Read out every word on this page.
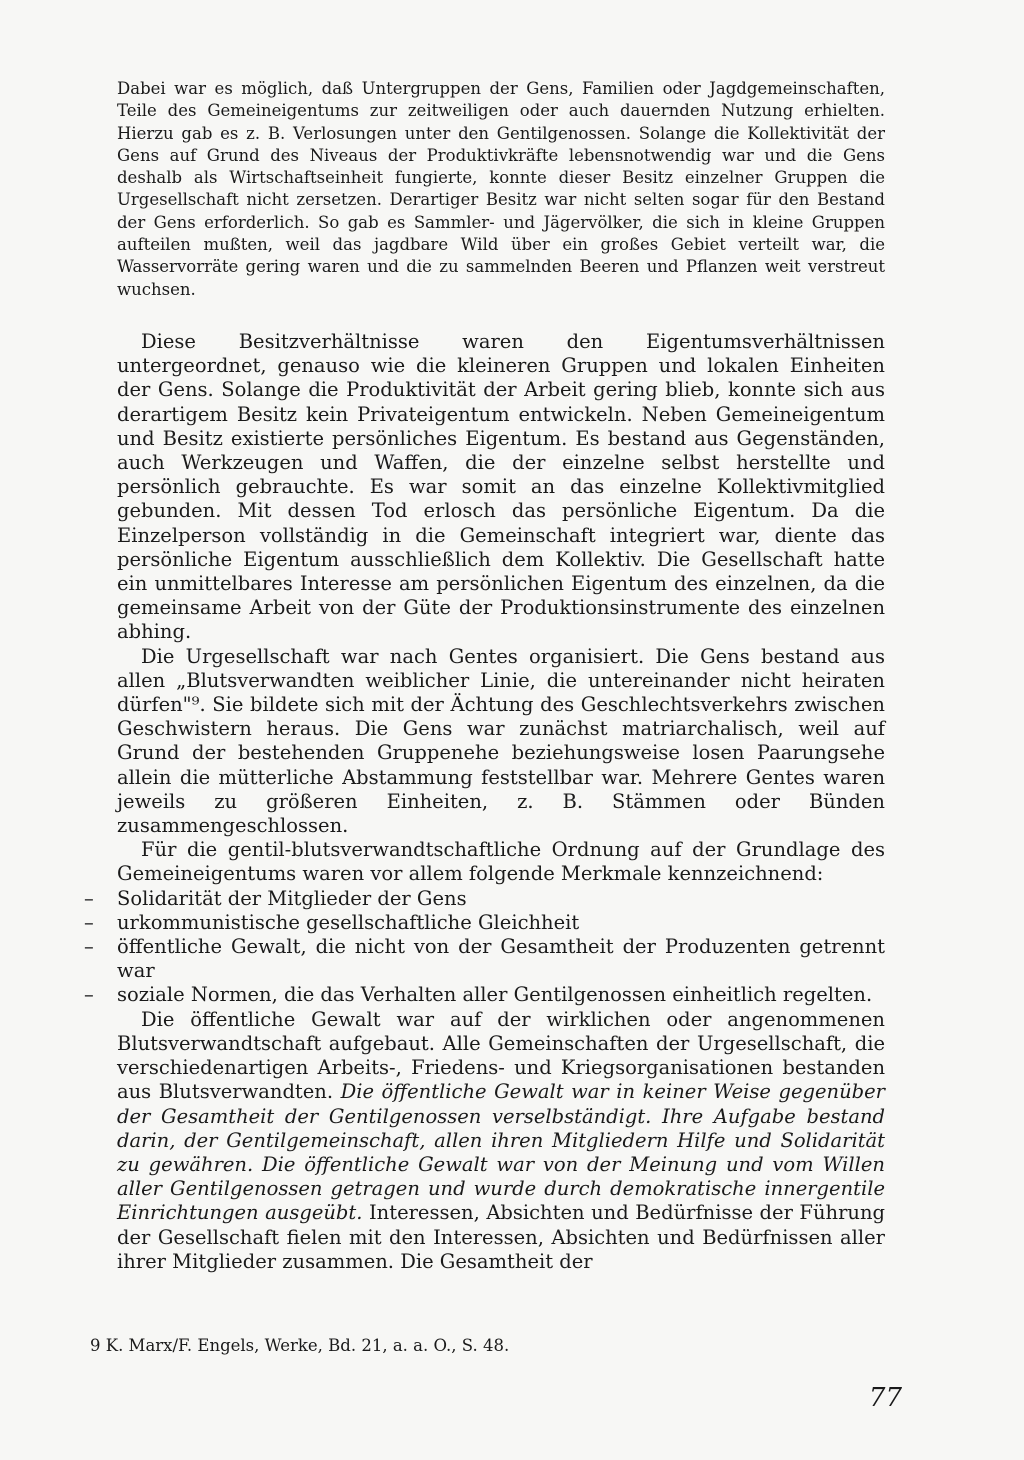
Dabei war es möglich, daß Untergruppen der Gens, Familien oder Jagdgemeinschaften, Teile des Gemeineigentums zur zeitweiligen oder auch dauernden Nutzung erhielten. Hierzu gab es z. B. Verlosungen unter den Gentilgenossen. Solange die Kollektivität der Gens auf Grund des Niveaus der Produktivkräfte lebensnotwendig war und die Gens deshalb als Wirtschaftseinheit fungierte, konnte dieser Besitz einzelner Gruppen die Urgesellschaft nicht zersetzen. Derartiger Besitz war nicht selten sogar für den Bestand der Gens erforderlich. So gab es Sammler- und Jägervölker, die sich in kleine Gruppen aufteilen mußten, weil das jagdbare Wild über ein großes Gebiet verteilt war, die Wasservorräte gering waren und die zu sammelnden Beeren und Pflanzen weit verstreut wuchsen.

Diese Besitzverhältnisse waren den Eigentumsverhältnissen untergeordnet, genauso wie die kleineren Gruppen und lokalen Einheiten der Gens. Solange die Produktivität der Arbeit gering blieb, konnte sich aus derartigem Besitz kein Privateigentum entwickeln. Neben Gemeineigentum und Besitz existierte persönliches Eigentum. Es bestand aus Gegenständen, auch Werkzeugen und Waffen, die der einzelne selbst herstellte und persönlich gebrauchte. Es war somit an das einzelne Kollektivmitglied gebunden. Mit dessen Tod erlosch das persönliche Eigentum. Da die Einzelperson vollständig in die Gemeinschaft integriert war, diente das persönliche Eigentum ausschließlich dem Kollektiv. Die Gesellschaft hatte ein unmittelbares Interesse am persönlichen Eigentum des einzelnen, da die gemeinsame Arbeit von der Güte der Produktionsinstrumente des einzelnen abhing.

Die Urgesellschaft war nach Gentes organisiert. Die Gens bestand aus allen „Blutsverwandten weiblicher Linie, die untereinander nicht heiraten dürfen"⁹. Sie bildete sich mit der Ächtung des Geschlechtsverkehrs zwischen Geschwistern heraus. Die Gens war zunächst matriarchalisch, weil auf Grund der bestehenden Gruppenehe beziehungsweise losen Paarungsehe allein die mütterliche Abstammung feststellbar war. Mehrere Gentes waren jeweils zu größeren Einheiten, z. B. Stämmen oder Bünden zusammengeschlossen.

Für die gentil-blutsverwandtschaftliche Ordnung auf der Grundlage des Gemeineigentums waren vor allem folgende Merkmale kennzeichnend:

– Solidarität der Mitglieder der Gens
– urkommunistische gesellschaftliche Gleichheit
– öffentliche Gewalt, die nicht von der Gesamtheit der Produzenten getrennt war
– soziale Normen, die das Verhalten aller Gentilgenossen einheitlich regelten.

Die öffentliche Gewalt war auf der wirklichen oder angenommenen Blutsverwandtschaft aufgebaut. Alle Gemeinschaften der Urgesellschaft, die verschiedenartigen Arbeits-, Friedens- und Kriegsorganisationen bestanden aus Blutsverwandten. Die öffentliche Gewalt war in keiner Weise gegenüber der Gesamtheit der Gentilgenossen verselbständigt. Ihre Aufgabe bestand darin, der Gentilgemeinschaft, allen ihren Mitgliedern Hilfe und Solidarität zu gewähren. Die öffentliche Gewalt war von der Meinung und vom Willen aller Gentilgenossen getragen und wurde durch demokratische innergentile Einrichtungen ausgeübt. Interessen, Absichten und Bedürfnisse der Führung der Gesellschaft fielen mit den Interessen, Absichten und Bedürfnissen aller ihrer Mitglieder zusammen. Die Gesamtheit der

9 K. Marx/F. Engels, Werke, Bd. 21, a. a. O., S. 48.
77
